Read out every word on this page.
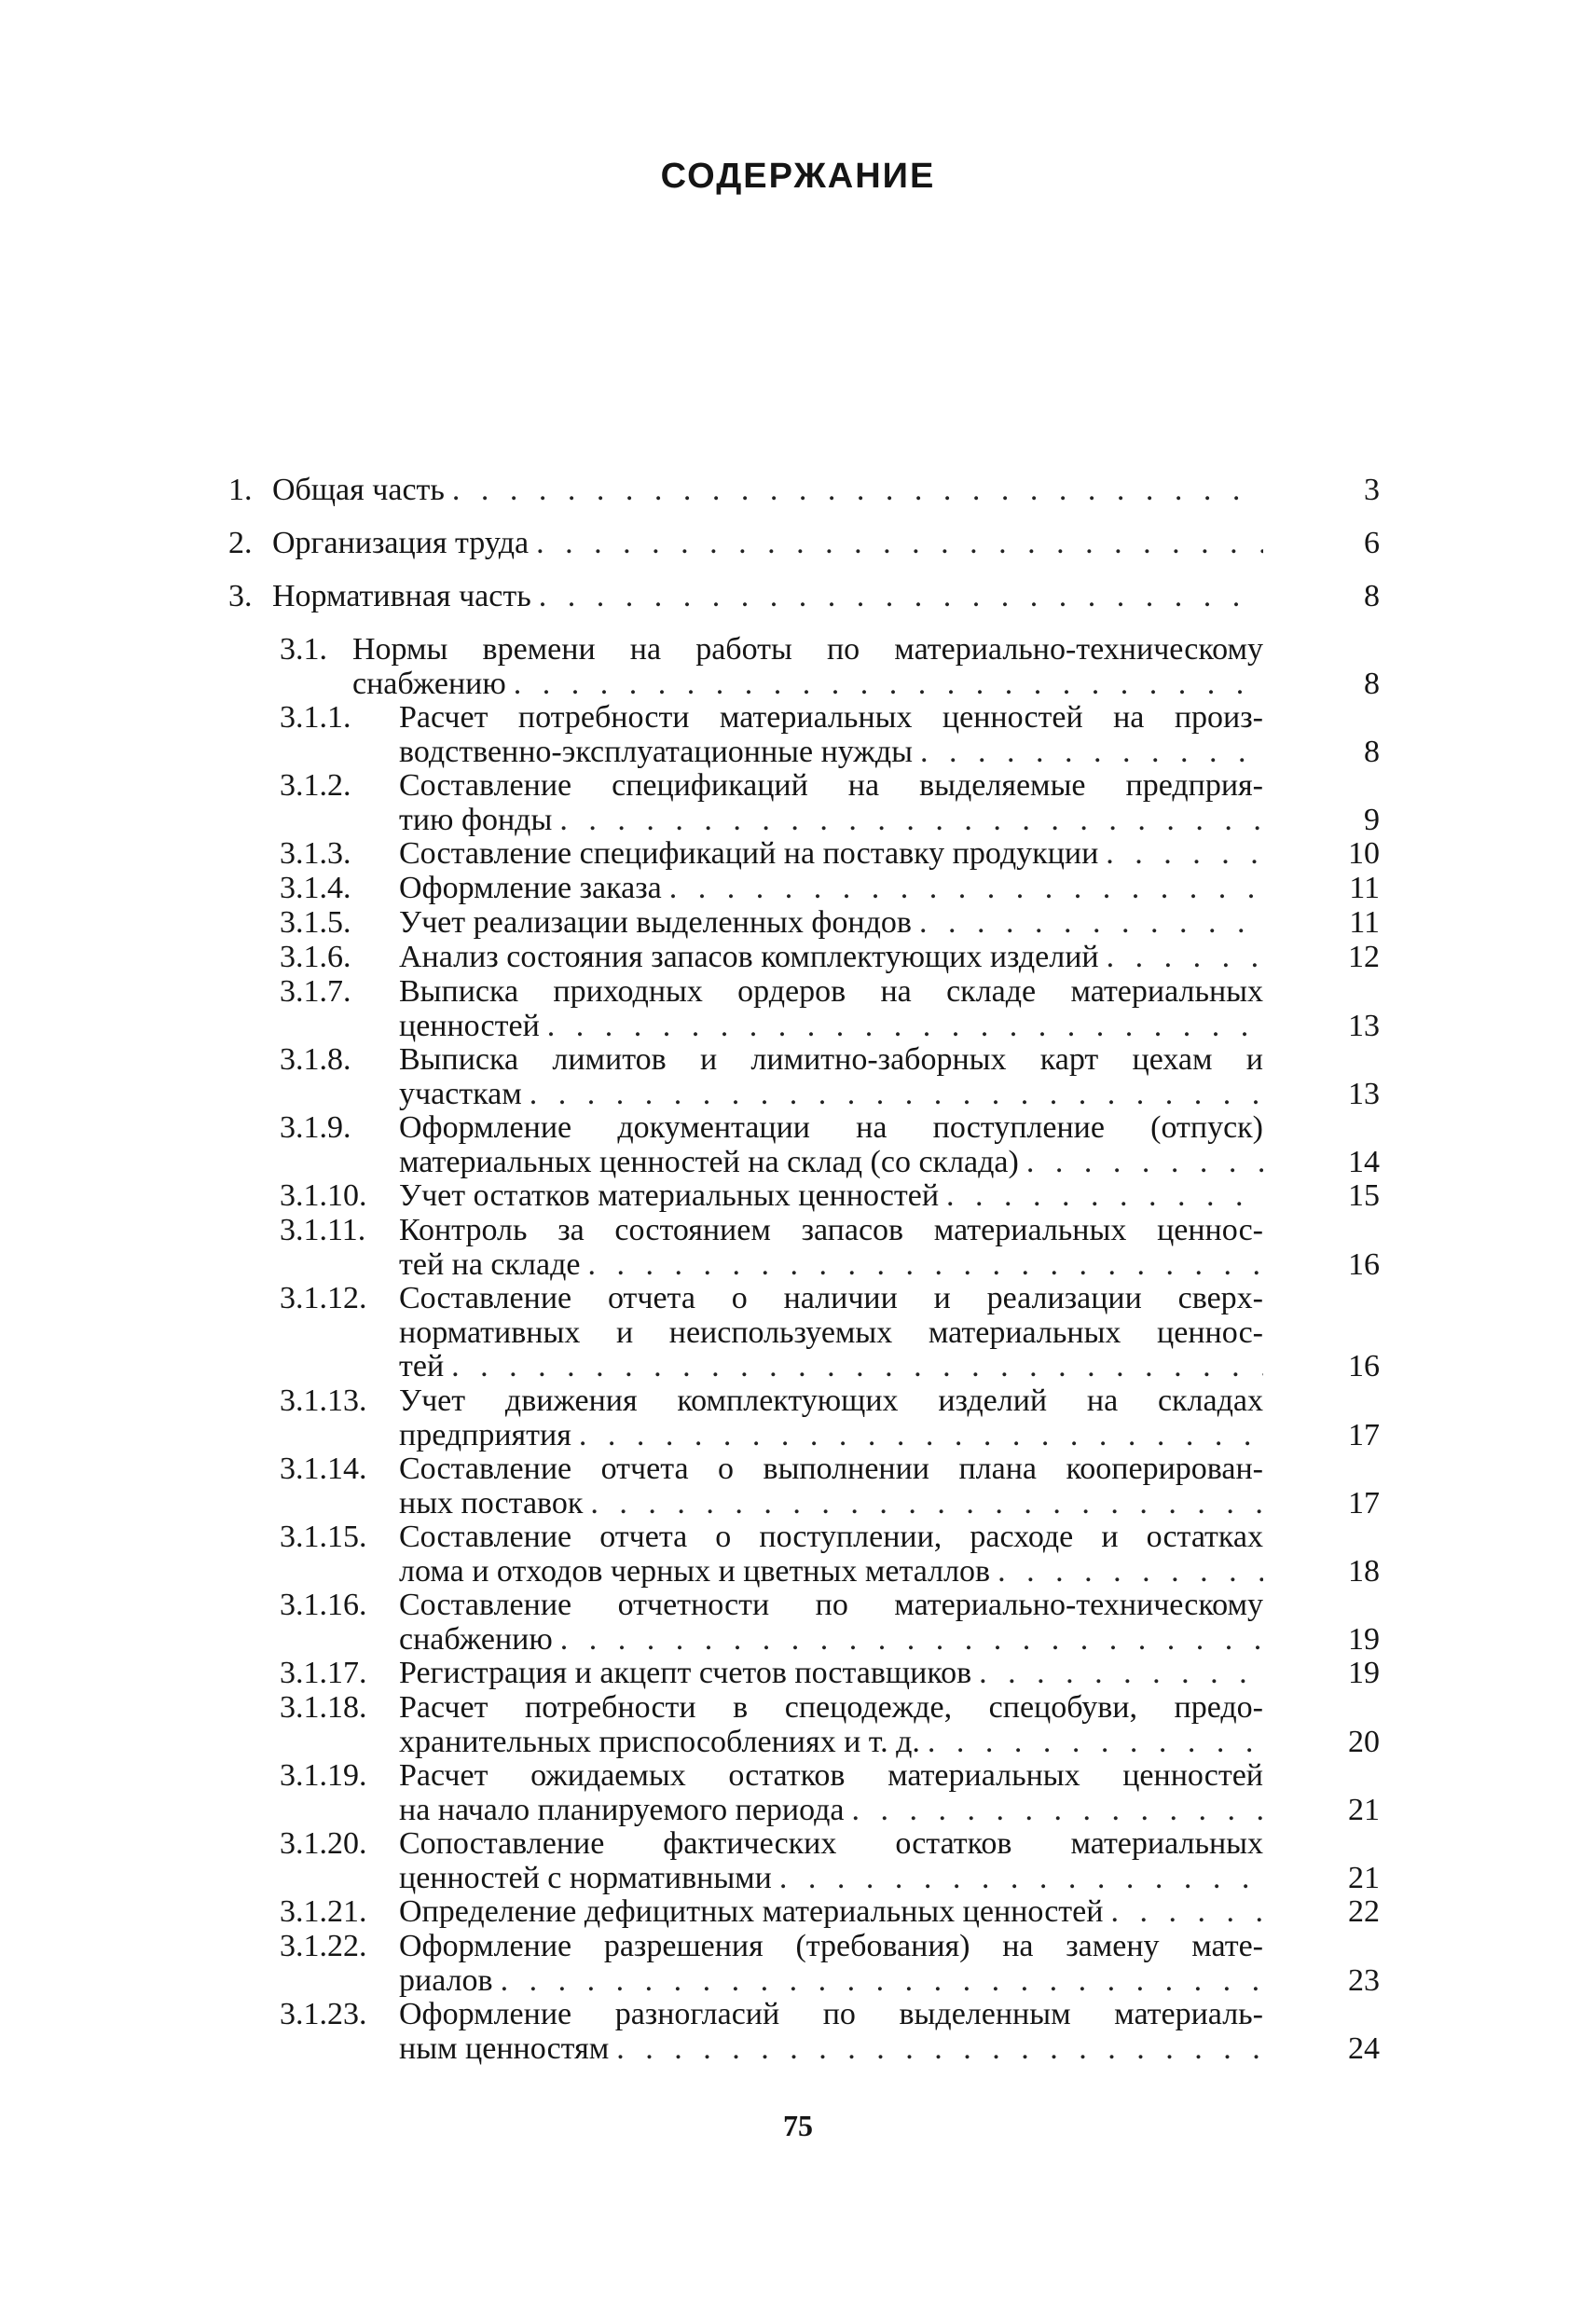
СОДЕРЖАНИЕ
1. Общая часть . . .	3
2. Организация труда . . .	6
3. Нормативная часть . . .	8
3.1. Нормы времени на работы по материально-техническому
снабжению . . .	8
3.1.1. Расчет потребности материальных ценностей на произ-
водственно-эксплуатационные нужды . . .	8
3.1.2. Составление спецификаций на выделяемые предприя-
тию фонды . . .	9
3.1.3. Составление спецификаций на поставку продукции . . .	10
3.1.4. Оформление заказа . . .	11
3.1.5. Учет реализации выделенных фондов . . .	11
3.1.6. Анализ состояния запасов комплектующих изделий . . .	12
3.1.7. Выписка приходных ордеров на складе материальных
ценностей . . .	13
3.1.8. Выписка лимитов и лимитно-заборных карт цехам и
участкам . . .	13
3.1.9. Оформление документации на поступление (отпуск)
материальных ценностей на склад (со склада) . . .	14
3.1.10. Учет остатков материальных ценностей . . .	15
3.1.11. Контроль за состоянием запасов материальных ценнос-
тей на складе . . .	16
3.1.12. Составление отчета о наличии и реализации сверх-
нормативных и неиспользуемых материальных ценнос-
тей . . .	16
3.1.13. Учет движения комплектующих изделий на складах
предприятия . . .	17
3.1.14. Составление отчета о выполнении плана кооперирован-
ных поставок . . .	17
3.1.15. Составление отчета о поступлении, расходе и остатках
лома и отходов черных и цветных металлов . . .	18
3.1.16. Составление отчетности по материально-техническому
снабжению . . .	19
3.1.17. Регистрация и акцепт счетов поставщиков . . .	19
3.1.18. Расчет потребности в спецодежде, спецобуви, предо-
хранительных приспособлениях и т. д. . . .	20
3.1.19. Расчет ожидаемых остатков материальных ценностей
на начало планируемого периода . . .	21
3.1.20. Сопоставление фактических остатков материальных
ценностей с нормативными . . .	21
3.1.21. Определение дефицитных материальных ценностей . . .	22
3.1.22. Оформление разрешения (требования) на замену мате-
риалов . . .	23
3.1.23. Оформление разногласий по выделенным материаль-
ным ценностям . . .	24
75
